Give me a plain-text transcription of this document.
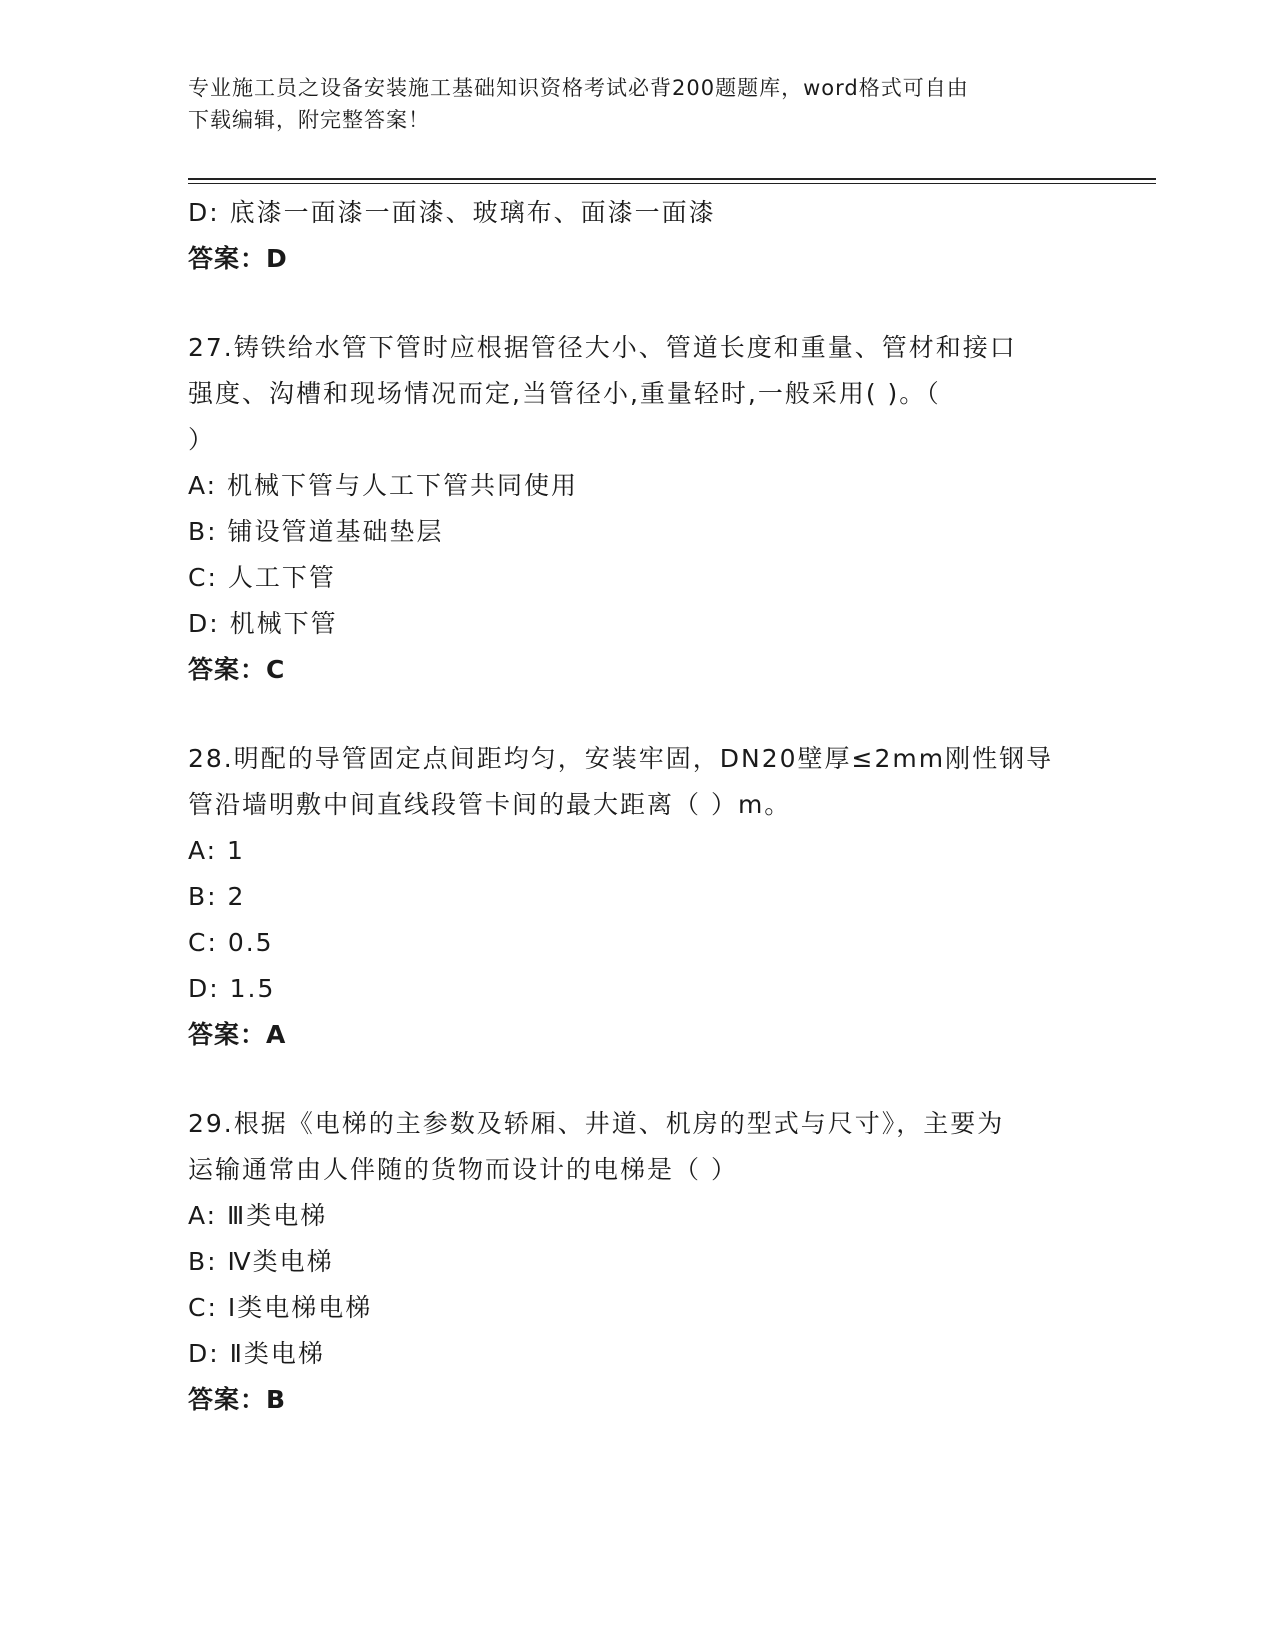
专业施工员之设备安装施工基础知识资格考试必背200题题库，word格式可自由
下载编辑，附完整答案！
D: 底漆一面漆一面漆、玻璃布、面漆一面漆
答案：D
27.铸铁给水管下管时应根据管径大小、管道长度和重量、管材和接口
强度、沟槽和现场情况而定,当管径小,重量轻时,一般采用( )。（
）
A: 机械下管与人工下管共同使用
B: 铺设管道基础垫层
C: 人工下管
D: 机械下管
答案：C
28.明配的导管固定点间距均匀，安装牢固，DN20壁厚≤2mm刚性钢导
管沿墙明敷中间直线段管卡间的最大距离（ ）m。
A: 1
B: 2
C: 0.5
D: 1.5
答案：A
29.根据《电梯的主参数及轿厢、井道、机房的型式与尺寸》，主要为
运输通常由人伴随的货物而设计的电梯是（ ）
A: Ⅲ类电梯
B: Ⅳ类电梯
C: Ⅰ类电梯电梯
D: Ⅱ类电梯
答案：B
